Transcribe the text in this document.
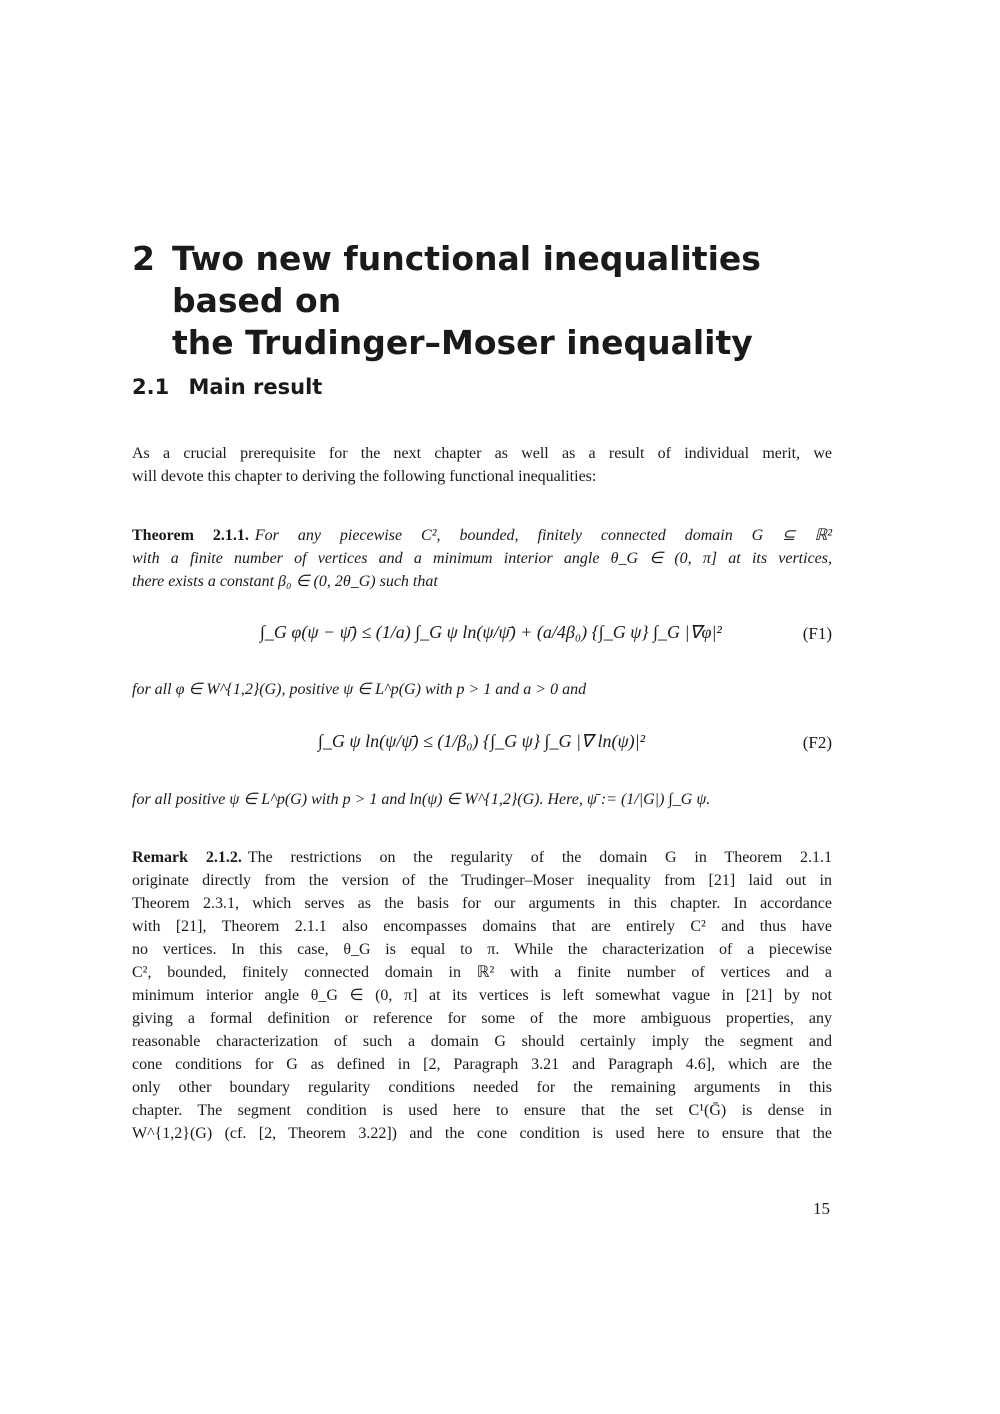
2 Two new functional inequalities based on
the Trudinger–Moser inequality
2.1 Main result
As a crucial prerequisite for the next chapter as well as a result of individual merit, we
will devote this chapter to deriving the following functional inequalities:
Theorem 2.1.1. For any piecewise C², bounded, finitely connected domain G ⊆ ℝ²
with a finite number of vertices and a minimum interior angle θ_G ∈ (0, π] at its vertices,
there exists a constant β₀ ∈ (0, 2θ_G) such that
∫_G φ(ψ − ψ̄) ≤ (1/a) ∫_G ψ ln(ψ/ψ̄) + (a/4β₀) {∫_G ψ} ∫_G |∇φ|²	(F1)
for all φ ∈ W^{1,2}(G), positive ψ ∈ L^p(G) with p > 1 and a > 0 and
∫_G ψ ln(ψ/ψ̄) ≤ (1/β₀) {∫_G ψ} ∫_G |∇ ln(ψ)|²	(F2)
for all positive ψ ∈ L^p(G) with p > 1 and ln(ψ) ∈ W^{1,2}(G). Here, ψ̄ := (1/|G|) ∫_G ψ.
Remark 2.1.2. The restrictions on the regularity of the domain G in Theorem 2.1.1
originate directly from the version of the Trudinger–Moser inequality from [21] laid out in
Theorem 2.3.1, which serves as the basis for our arguments in this chapter. In accordance
with [21], Theorem 2.1.1 also encompasses domains that are entirely C² and thus have
no vertices. In this case, θ_G is equal to π. While the characterization of a piecewise
C², bounded, finitely connected domain in ℝ² with a finite number of vertices and a
minimum interior angle θ_G ∈ (0, π] at its vertices is left somewhat vague in [21] by not
giving a formal definition or reference for some of the more ambiguous properties, any
reasonable characterization of such a domain G should certainly imply the segment and
cone conditions for G as defined in [2, Paragraph 3.21 and Paragraph 4.6], which are the
only other boundary regularity conditions needed for the remaining arguments in this
chapter. The segment condition is used here to ensure that the set C¹(Ḡ) is dense in
W^{1,2}(G) (cf. [2, Theorem 3.22]) and the cone condition is used here to ensure that the
15
